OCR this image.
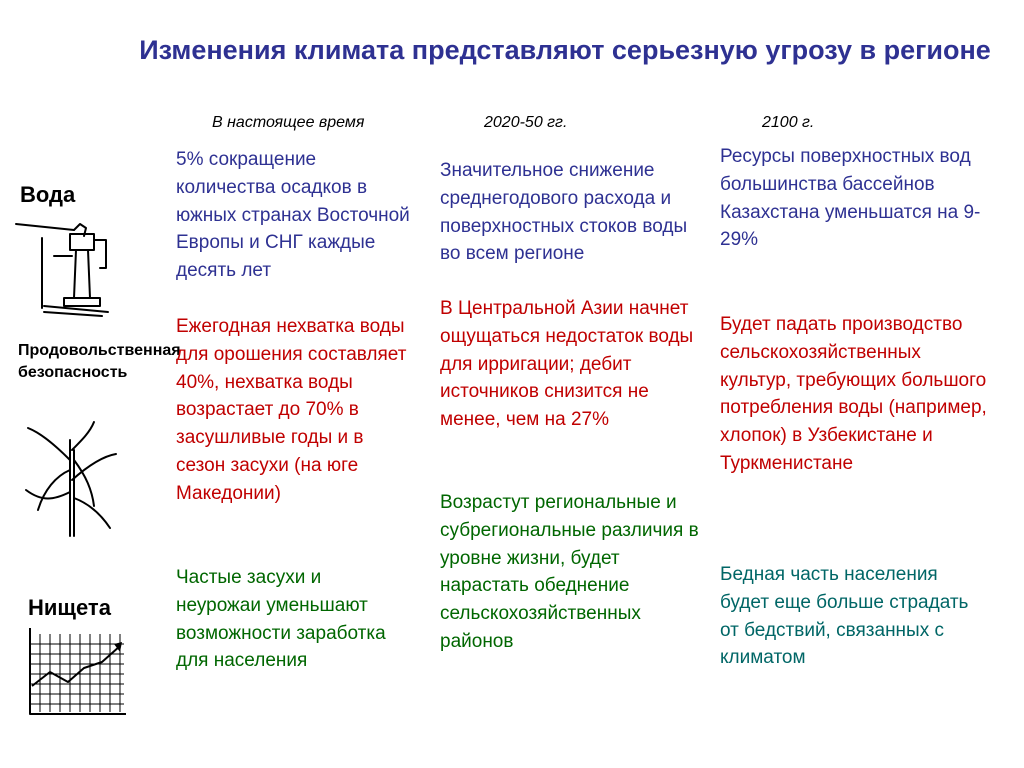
Изменения климата представляют серьезную угрозу в регионе
В настоящее время	2020-50 гг.	2100 г.
Вода
Продовольственная безопасность
Нищета

5% сокращение количества осадков в южных странах Восточной Европы и СНГ каждые десять лет

Ежегодная нехватка воды для орошения составляет 40%, нехватка воды возрастает до 70% в засушливые годы и в сезон засухи (на юге Македонии)

Частые засухи и неурожаи уменьшают возможности заработка для населения

Значительное снижение среднегодового расхода и поверхностных стоков воды во всем регионе

В Центральной Азии начнет ощущаться недостаток воды для ирригации; дебит источников снизится не менее, чем на 27%

Возрастут региональные и субрегиональные различия в уровне жизни, будет нарастать обеднение сельскохозяйственных районов

Ресурсы поверхностных вод большинства бассейнов Казахстана уменьшатся на 9-29%

Будет падать производство сельскохозяйственных культур, требующих большого потребления воды (например, хлопок) в Узбекистане и Туркменистане

Бедная часть населения будет еще больше страдать от бедствий, связанных с климатом
